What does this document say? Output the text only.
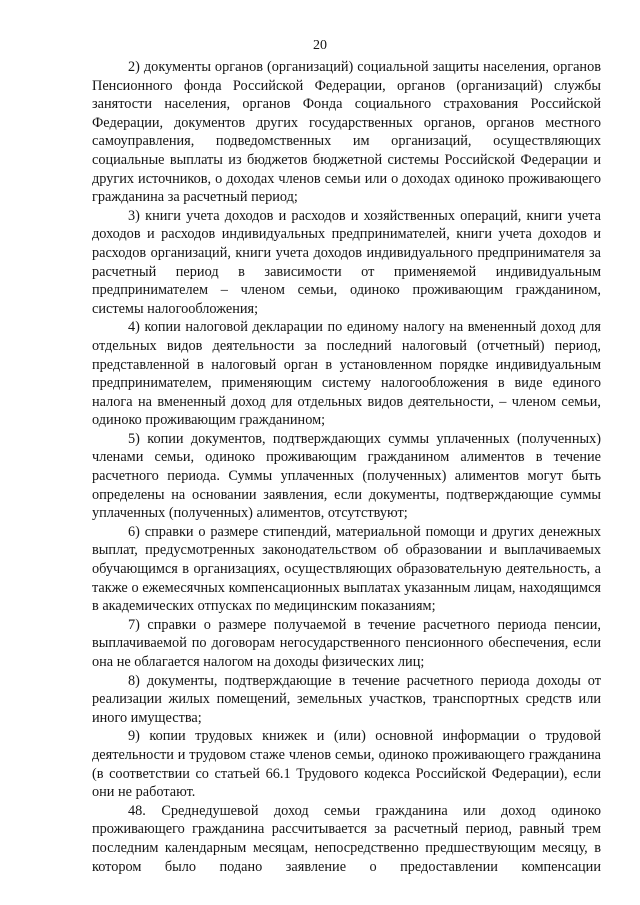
20

2) документы органов (организаций) социальной защиты населения, органов Пенсионного фонда Российской Федерации, органов (организаций) службы занятости населения, органов Фонда социального страхования Российской Федерации, документов других государственных органов, органов местного самоуправления, подведомственных им организаций, осуществляющих социальные выплаты из бюджетов бюджетной системы Российской Федерации и других источников, о доходах членов семьи или о доходах одиноко проживающего гражданина за расчетный период;

3) книги учета доходов и расходов и хозяйственных операций, книги учета доходов и расходов индивидуальных предпринимателей, книги учета доходов и расходов организаций, книги учета доходов индивидуального предпринимателя за расчетный период в зависимости от применяемой индивидуальным предпринимателем – членом семьи, одиноко проживающим гражданином, системы налогообложения;

4) копии налоговой декларации по единому налогу на вмененный доход для отдельных видов деятельности за последний налоговый (отчетный) период, представленной в налоговый орган в установленном порядке индивидуальным предпринимателем, применяющим систему налогообложения в виде единого налога на вмененный доход для отдельных видов деятельности, – членом семьи, одиноко проживающим гражданином;

5) копии документов, подтверждающих суммы уплаченных (полученных) членами семьи, одиноко проживающим гражданином алиментов в течение расчетного периода. Суммы уплаченных (полученных) алиментов могут быть определены на основании заявления, если документы, подтверждающие суммы уплаченных (полученных) алиментов, отсутствуют;

6) справки о размере стипендий, материальной помощи и других денежных выплат, предусмотренных законодательством об образовании и выплачиваемых обучающимся в организациях, осуществляющих образовательную деятельность, а также о ежемесячных компенсационных выплатах указанным лицам, находящимся в академических отпусках по медицинским показаниям;

7) справки о размере получаемой в течение расчетного периода пенсии, выплачиваемой по договорам негосударственного пенсионного обеспечения, если она не облагается налогом на доходы физических лиц;

8) документы, подтверждающие в течение расчетного периода доходы от реализации жилых помещений, земельных участков, транспортных средств или иного имущества;

9) копии трудовых книжек и (или) основной информации о трудовой деятельности и трудовом стаже членов семьи, одиноко проживающего гражданина (в соответствии со статьей 66.1 Трудового кодекса Российской Федерации), если они не работают.

48. Среднедушевой доход семьи гражданина или доход одиноко проживающего гражданина рассчитывается за расчетный период, равный трем последним календарным месяцам, непосредственно предшествующим месяцу, в котором было подано заявление о предоставлении компенсации
